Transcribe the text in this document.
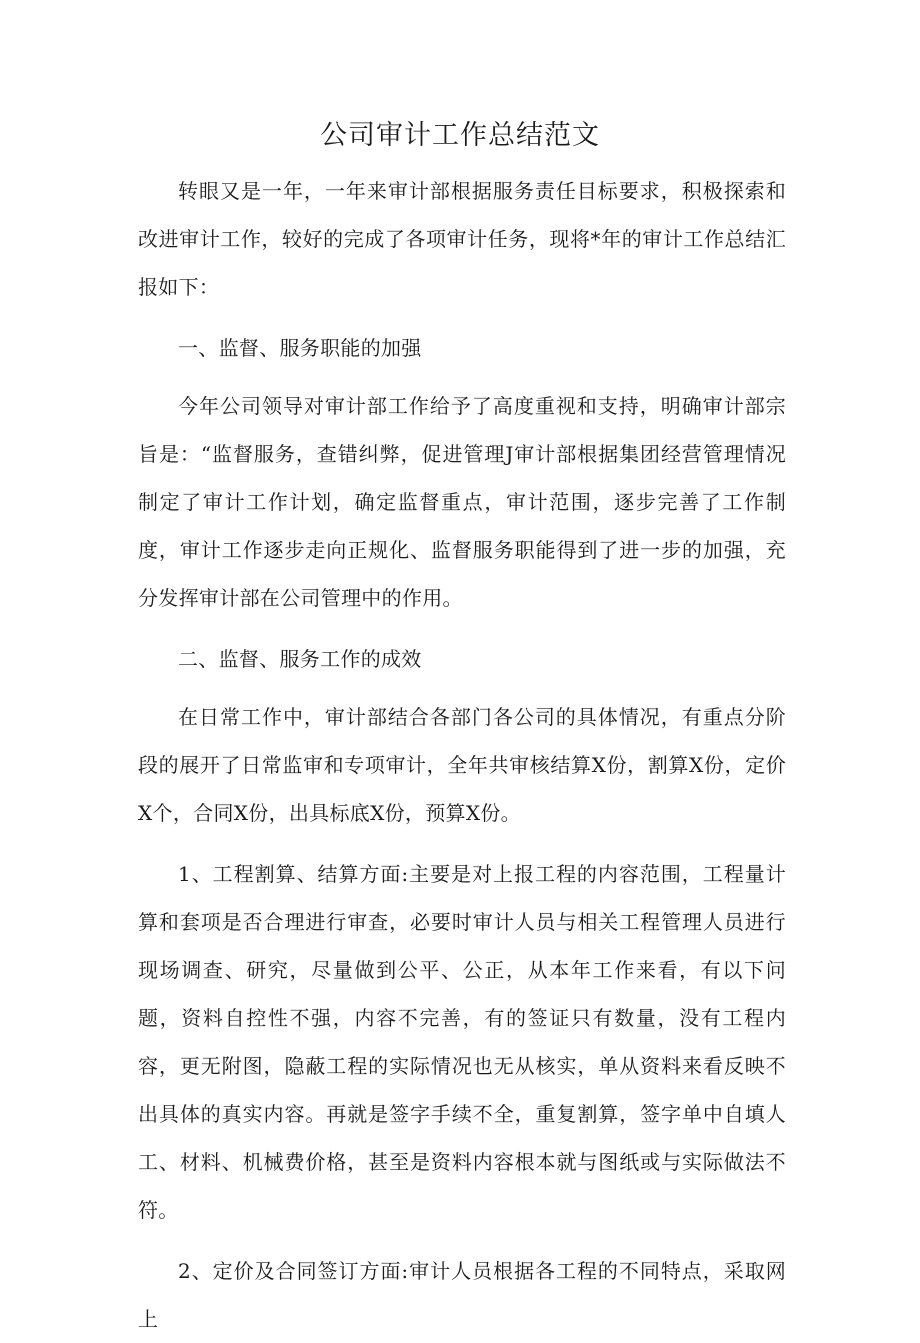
公司审计工作总结范文

转眼又是一年，一年来审计部根据服务责任目标要求，积极探索和改进审计工作，较好的完成了各项审计任务，现将*年的审计工作总结汇报如下：

一、监督、服务职能的加强

今年公司领导对审计部工作给予了高度重视和支持，明确审计部宗旨是：“监督服务，查错纠弊，促进管理J审计部根据集团经营管理情况制定了审计工作计划，确定监督重点，审计范围，逐步完善了工作制度，审计工作逐步走向正规化、监督服务职能得到了进一步的加强，充分发挥审计部在公司管理中的作用。

二、监督、服务工作的成效

在日常工作中，审计部结合各部门各公司的具体情况，有重点分阶段的展开了日常监审和专项审计，全年共审核结算X份，割算X份，定价X个，合同X份，出具标底X份，预算X份。

1、工程割算、结算方面:主要是对上报工程的内容范围，工程量计算和套项是否合理进行审查，必要时审计人员与相关工程管理人员进行现场调查、研究，尽量做到公平、公正，从本年工作来看，有以下问题，资料自控性不强，内容不完善，有的签证只有数量，没有工程内容，更无附图，隐蔽工程的实际情况也无从核实，单从资料来看反映不出具体的真实内容。再就是签字手续不全，重复割算，签字单中自填人工、材料、机械费价格，甚至是资料内容根本就与图纸或与实际做法不符。

2、定价及合同签订方面:审计人员根据各工程的不同特点，采取网上
